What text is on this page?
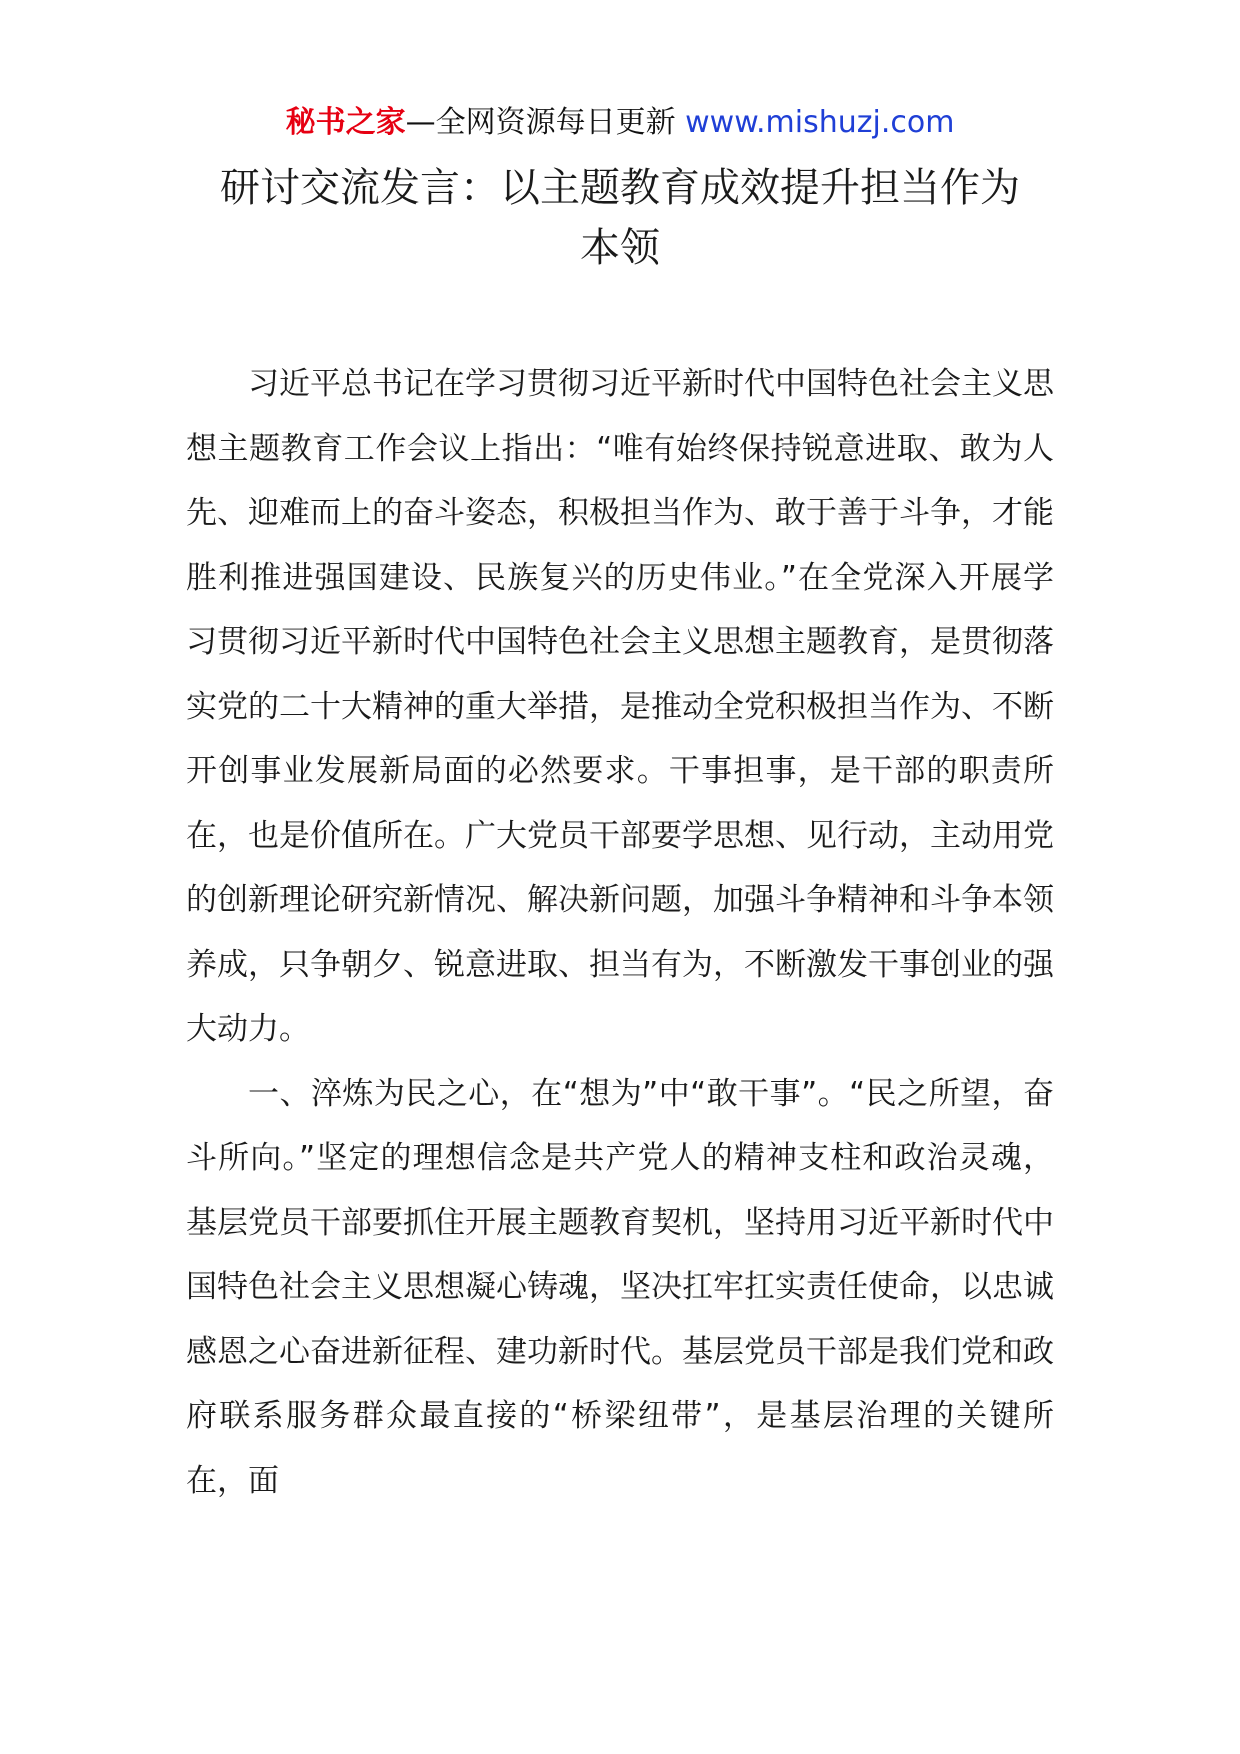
秘书之家—全网资源每日更新 www.mishuzj.com
研讨交流发言：以主题教育成效提升担当作为
本领

习近平总书记在学习贯彻习近平新时代中国特色社会主义思想主题教育工作会议上指出：“唯有始终保持锐意进取、敢为人先、迎难而上的奋斗姿态，积极担当作为、敢于善于斗争，才能胜利推进强国建设、民族复兴的历史伟业。”在全党深入开展学习贯彻习近平新时代中国特色社会主义思想主题教育，是贯彻落实党的二十大精神的重大举措，是推动全党积极担当作为、不断开创事业发展新局面的必然要求。干事担事，是干部的职责所在，也是价值所在。广大党员干部要学思想、见行动，主动用党的创新理论研究新情况、解决新问题，加强斗争精神和斗争本领养成，只争朝夕、锐意进取、担当有为，不断激发干事创业的强大动力。

一、淬炼为民之心，在“想为”中“敢干事”。“民之所望，奋斗所向。”坚定的理想信念是共产党人的精神支柱和政治灵魂，基层党员干部要抓住开展主题教育契机，坚持用习近平新时代中国特色社会主义思想凝心铸魂，坚决扛牢扛实责任使命，以忠诚感恩之心奋进新征程、建功新时代。基层党员干部是我们党和政府联系服务群众最直接的“桥梁纽带”，是基层治理的关键所在，面
